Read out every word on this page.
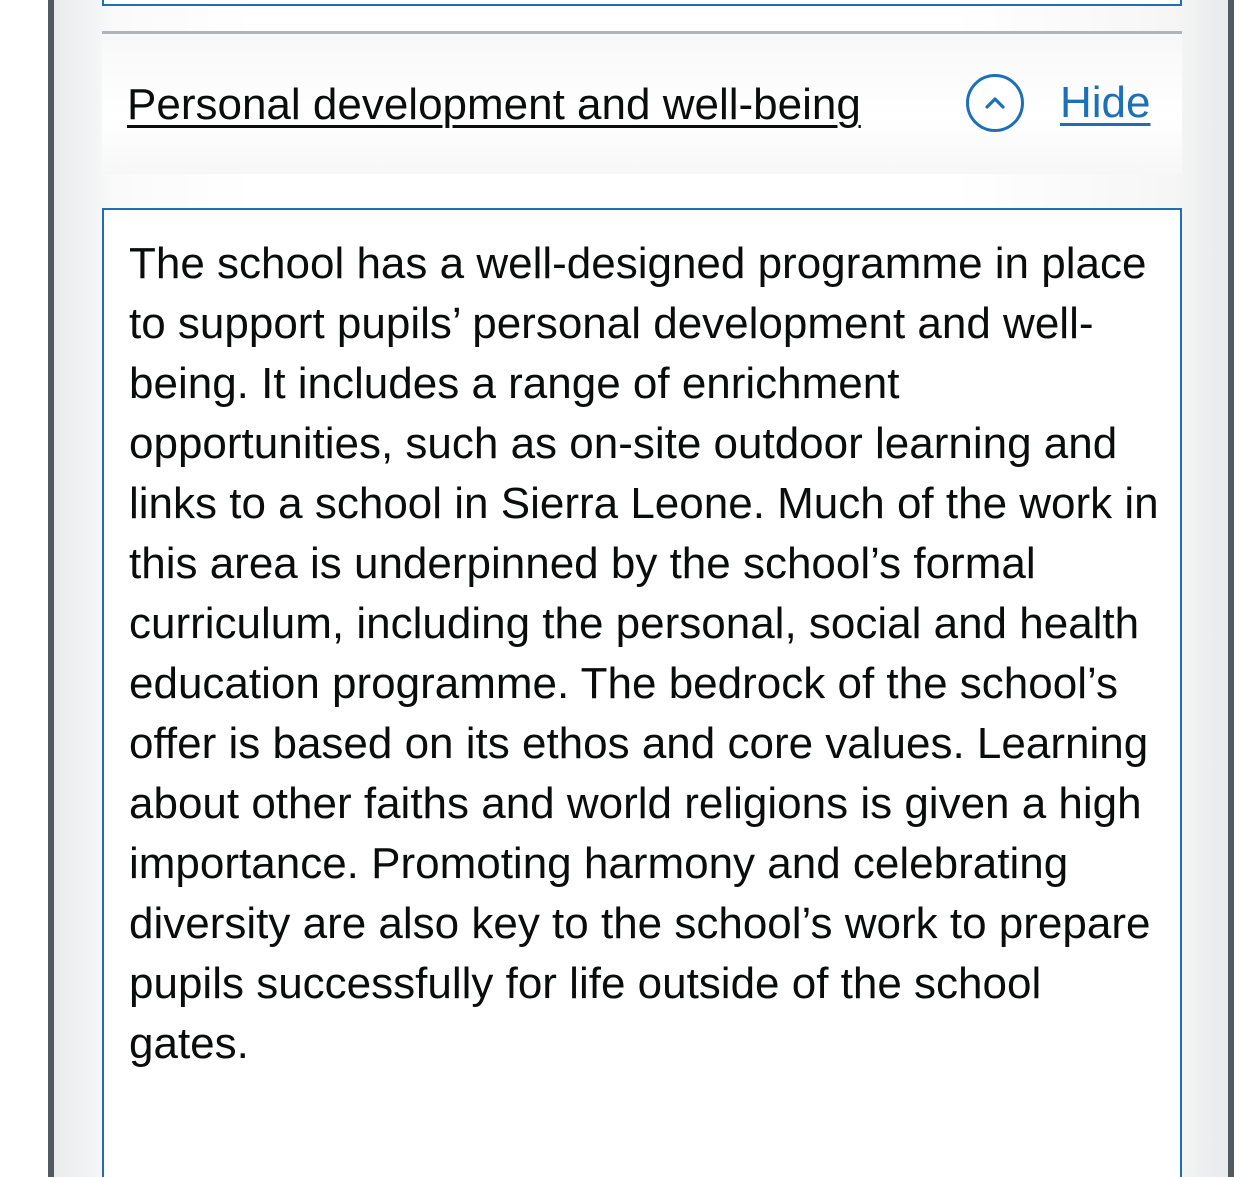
Personal development and well-being	Hide

The school has a well-designed programme in place to support pupils’ personal development and well-being. It includes a range of enrichment opportunities, such as on-site outdoor learning and links to a school in Sierra Leone. Much of the work in this area is underpinned by the school’s formal curriculum, including the personal, social and health education programme. The bedrock of the school’s offer is based on its ethos and core values. Learning about other faiths and world religions is given a high importance. Promoting harmony and celebrating diversity are also key to the school’s work to prepare pupils successfully for life outside of the school gates.
